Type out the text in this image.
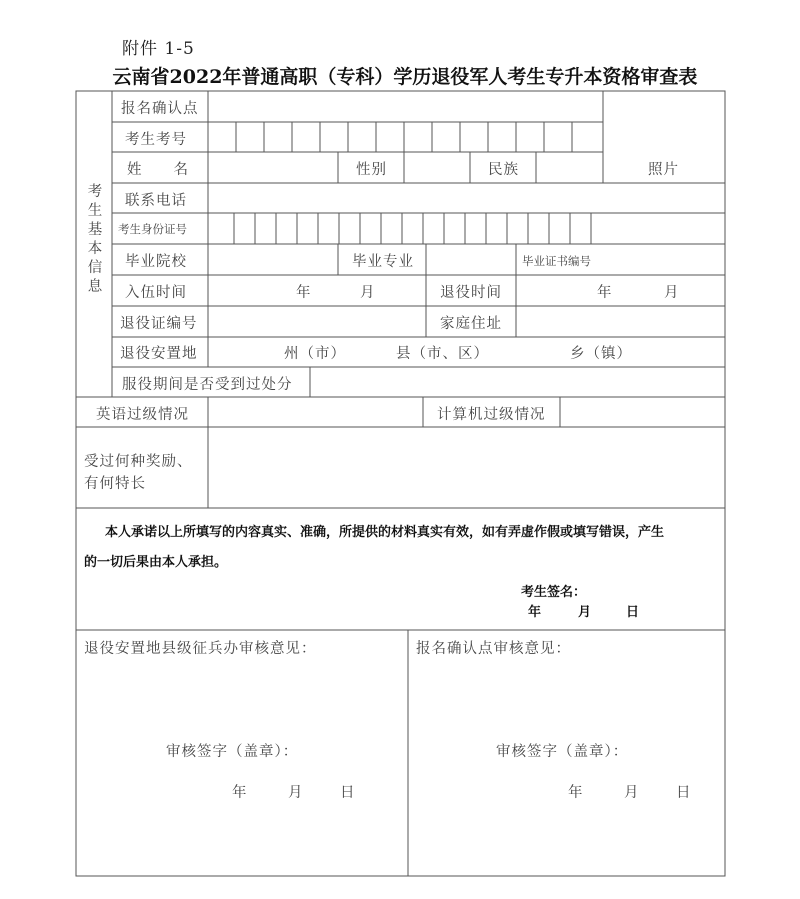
附件 1-5
云南省2022年普通高职（专科）学历退役军人考生专升本资格审查表
考生基本信息
报名确认点
考生考号
姓　　名	性别	民族	照片
联系电话
考生身份证号
毕业院校	毕业专业	毕业证书编号
入伍时间	年	月	退役时间	年	月
退役证编号	家庭住址
退役安置地	州（市）	县（市、区）	乡（镇）
服役期间是否受到过处分
英语过级情况	计算机过级情况
受过何种奖励、
有何特长
本人承诺以上所填写的内容真实、准确，所提供的材料真实有效，如有弄虚作假或填写错误，产生
的一切后果由本人承担。
考生签名：
年	月	日
退役安置地县级征兵办审核意见：	报名确认点审核意见：
审核签字（盖章）：	审核签字（盖章）：
年	月	日	年	月	日
